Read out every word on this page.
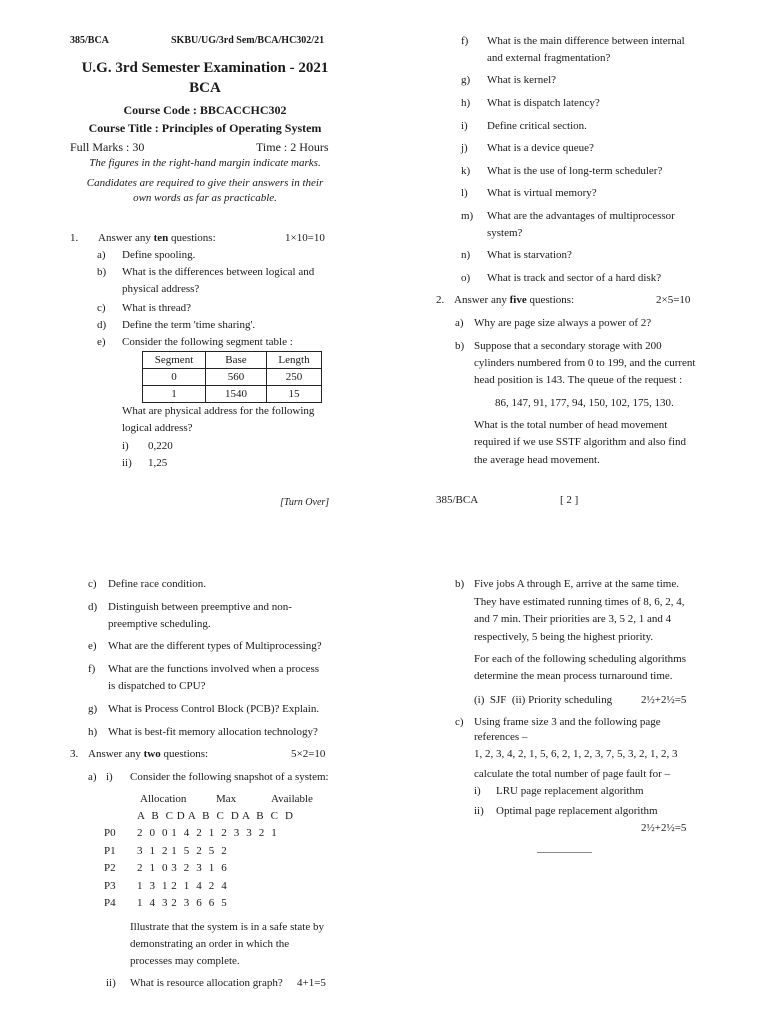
385/BCA	SKBU/UG/3rd Sem/BCA/HC302/21
U.G. 3rd Semester Examination - 2021
BCA
Course Code : BBCACCHC302
Course Title : Principles of Operating System
Full Marks : 30	Time : 2 Hours
The figures in the right-hand margin indicate marks.
Candidates are required to give their answers in their
own words as far as practicable.
1. Answer any ten questions:	1×10=10
a) Define spooling.
b) What is the differences between logical and
physical address?
c) What is thread?
d) Define the term 'time sharing'.
e) Consider the following segment table :
Segment	Base	Length
0	560	250
1	1540	15
What are physical address for the following
logical address?
i) 0,220
ii) 1,25
[Turn Over]
f) What is the main difference between internal
and external fragmentation?
g) What is kernel?
h) What is dispatch latency?
i) Define critical section.
j) What is a device queue?
k) What is the use of long-term scheduler?
l) What is virtual memory?
m) What are the advantages of multiprocessor
system?
n) What is starvation?
o) What is track and sector of a hard disk?
2. Answer any five questions:	2×5=10
a) Why are page size always a power of 2?
b) Suppose that a secondary storage with 200
cylinders numbered from 0 to 199, and the current
head position is 143. The queue of the request :
86, 147, 91, 177, 94, 150, 102, 175, 130.
What is the total number of head movement
required if we use SSTF algorithm and also find
the average head movement.
385/BCA	[ 2 ]
c) Define race condition.
d) Distinguish between preemptive and non-
preemptive scheduling.
e) What are the different types of Multiprocessing?
f) What are the functions involved when a process
is dispatched to CPU?
g) What is Process Control Block (PCB)? Explain.
h) What is best-fit memory allocation technology?
3. Answer any two questions:	5×2=10
a) i) Consider the following snapshot of a system:
Allocation	Max	Available
A  B  C D A  B  C  D A  B  C  D
P0 2  0  0 1  4  2  1  2  3  3  2  1
P1 3  1  2 1  5  2  5  2
P2 2  1  0 3  2  3  1  6
P3 1  3  1 2  1  4  2  4
P4 1  4  3 2  3  6  6  5
Illustrate that the system is in a safe state by
demonstrating an order in which the
processes may complete.
ii) What is resource allocation graph? 4+1=5
b) Five jobs A through E, arrive at the same time.
They have estimated running times of 8, 6, 2, 4,
and 7 min. Their priorities are 3, 5 2, 1 and 4
respectively, 5 being the highest priority.
For each of the following scheduling algorithms
determine the mean process turnaround time.
(i)  SJF  (ii) Priority scheduling	2½+2½=5
c) Using frame size 3 and the following page
references –
1, 2, 3, 4, 2, 1, 5, 6, 2, 1, 2, 3, 7, 5, 3, 2, 1, 2, 3
calculate the total number of page fault for –
i) LRU page replacement algorithm
ii) Optimal page replacement algorithm
2½+2½=5
__________
